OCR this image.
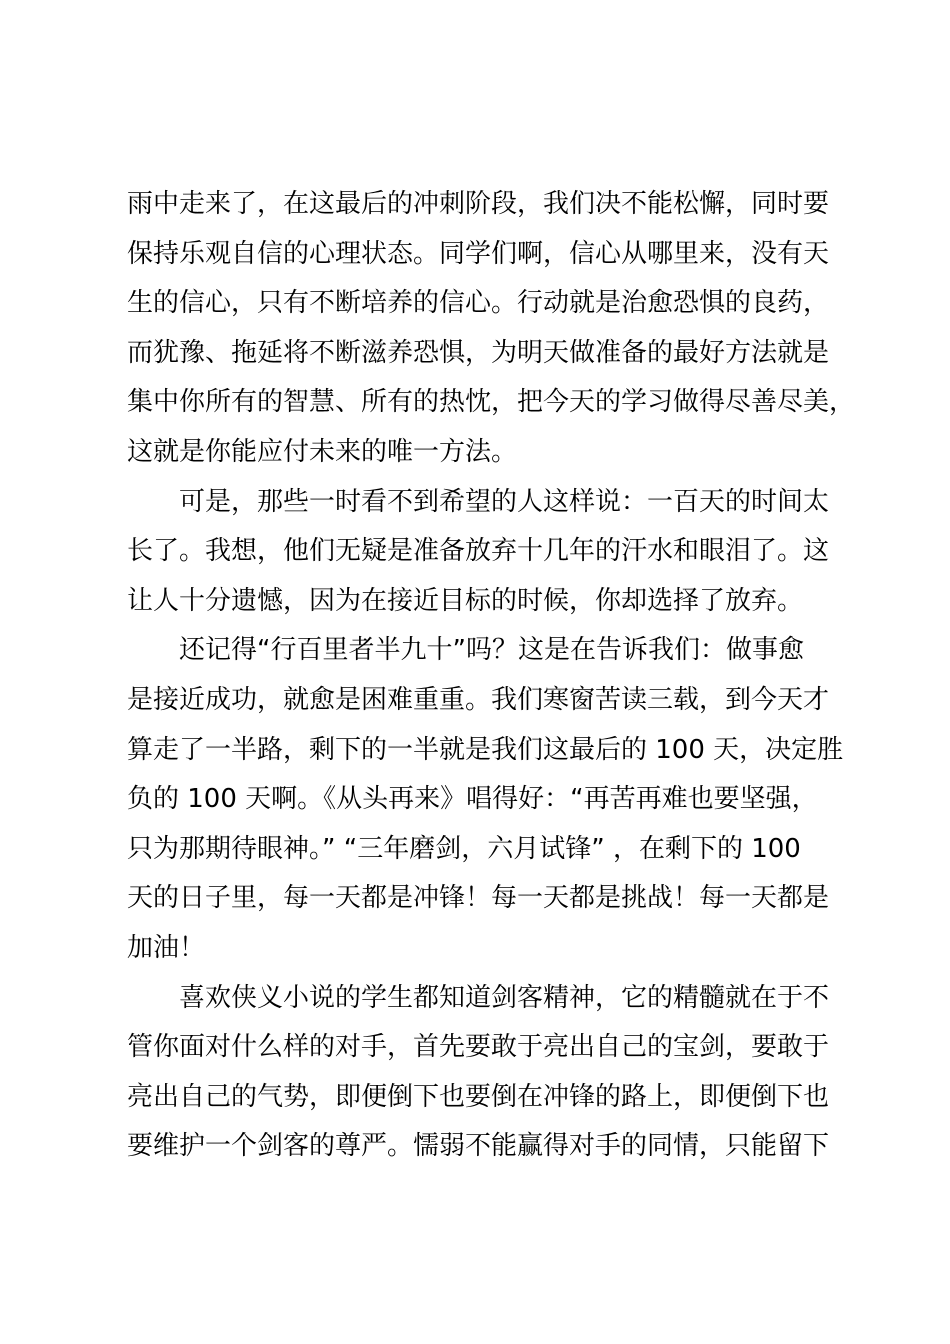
雨中走来了，在这最后的冲刺阶段，我们决不能松懈，同时要
保持乐观自信的心理状态。同学们啊，信心从哪里来，没有天
生的信心，只有不断培养的信心。行动就是治愈恐惧的良药，
而犹豫、拖延将不断滋养恐惧，为明天做准备的最好方法就是
集中你所有的智慧、所有的热忱，把今天的学习做得尽善尽美，
这就是你能应付未来的唯一方法。
可是，那些一时看不到希望的人这样说：一百天的时间太
长了。我想，他们无疑是准备放弃十几年的汗水和眼泪了。这
让人十分遗憾，因为在接近目标的时候，你却选择了放弃。
还记得“行百里者半九十”吗？这是在告诉我们：做事愈
是接近成功，就愈是困难重重。我们寒窗苦读三载，到今天才
算走了一半路，剩下的一半就是我们这最后的 100 天，决定胜
负的 100 天啊。《从头再来》唱得好：“再苦再难也要坚强，
只为那期待眼神。” “三年磨剑，六月试锋” ，在剩下的 100
天的日子里，每一天都是冲锋！每一天都是挑战！每一天都是
加油！
喜欢侠义小说的学生都知道剑客精神，它的精髓就在于不
管你面对什么样的对手，首先要敢于亮出自己的宝剑，要敢于
亮出自己的气势，即便倒下也要倒在冲锋的路上，即便倒下也
要维护一个剑客的尊严。懦弱不能赢得对手的同情，只能留下
